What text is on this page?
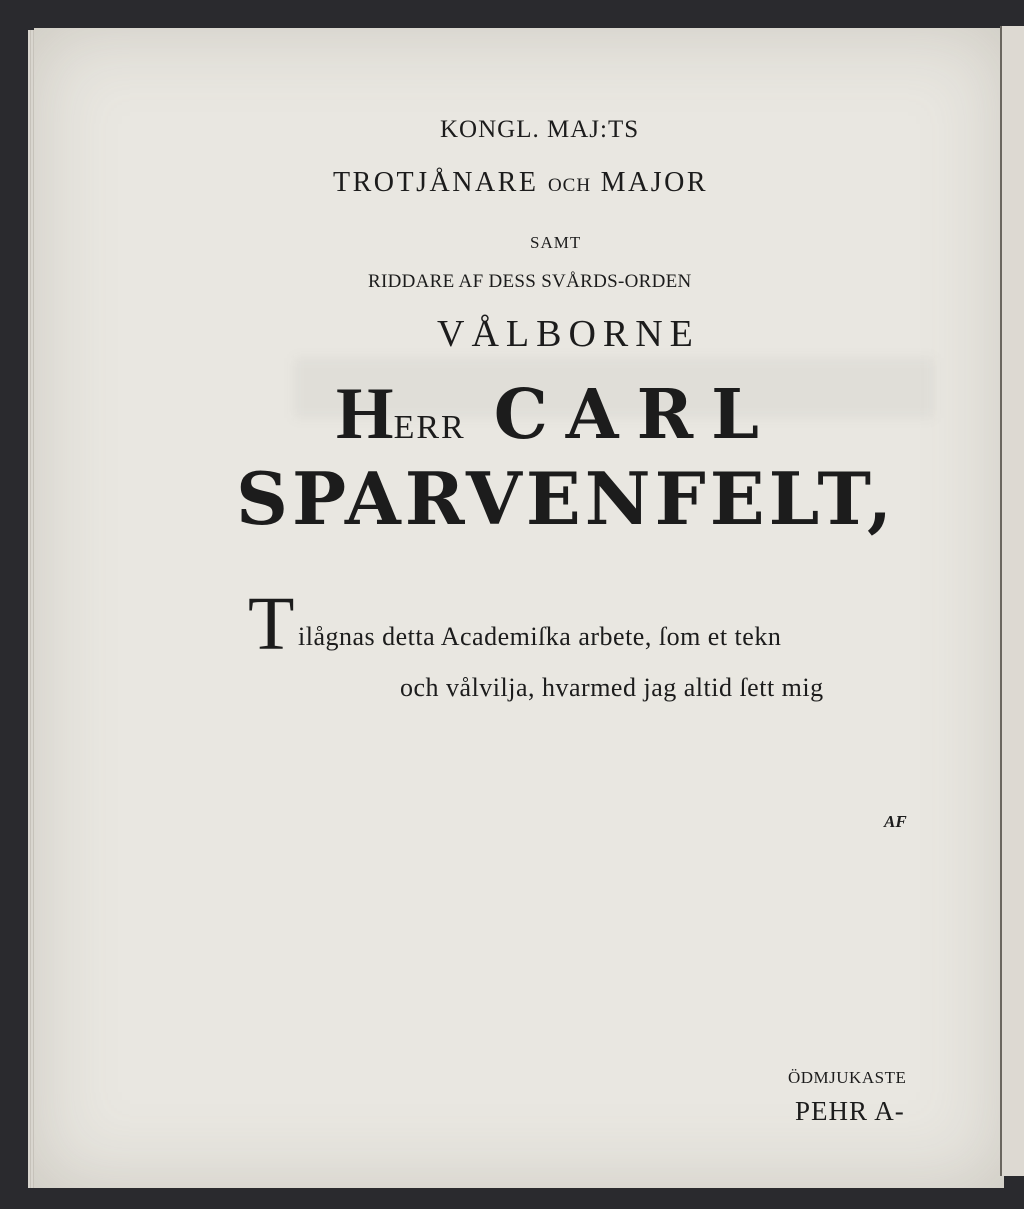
KONGL. MAJ:TS
TROTJÅNARE OCH MAJOR
SAMT
RIDDARE AF DESS SVÅRDS-ORDEN
VÅLBORNE
HERR CARL
SPARVENFELT,
T ilågnas detta Academiſka arbete, ſom et tekn
och vålvilja, hvarmed jag altid ſett mig
AF
ÖDMJUKASTE
PEHR A-
